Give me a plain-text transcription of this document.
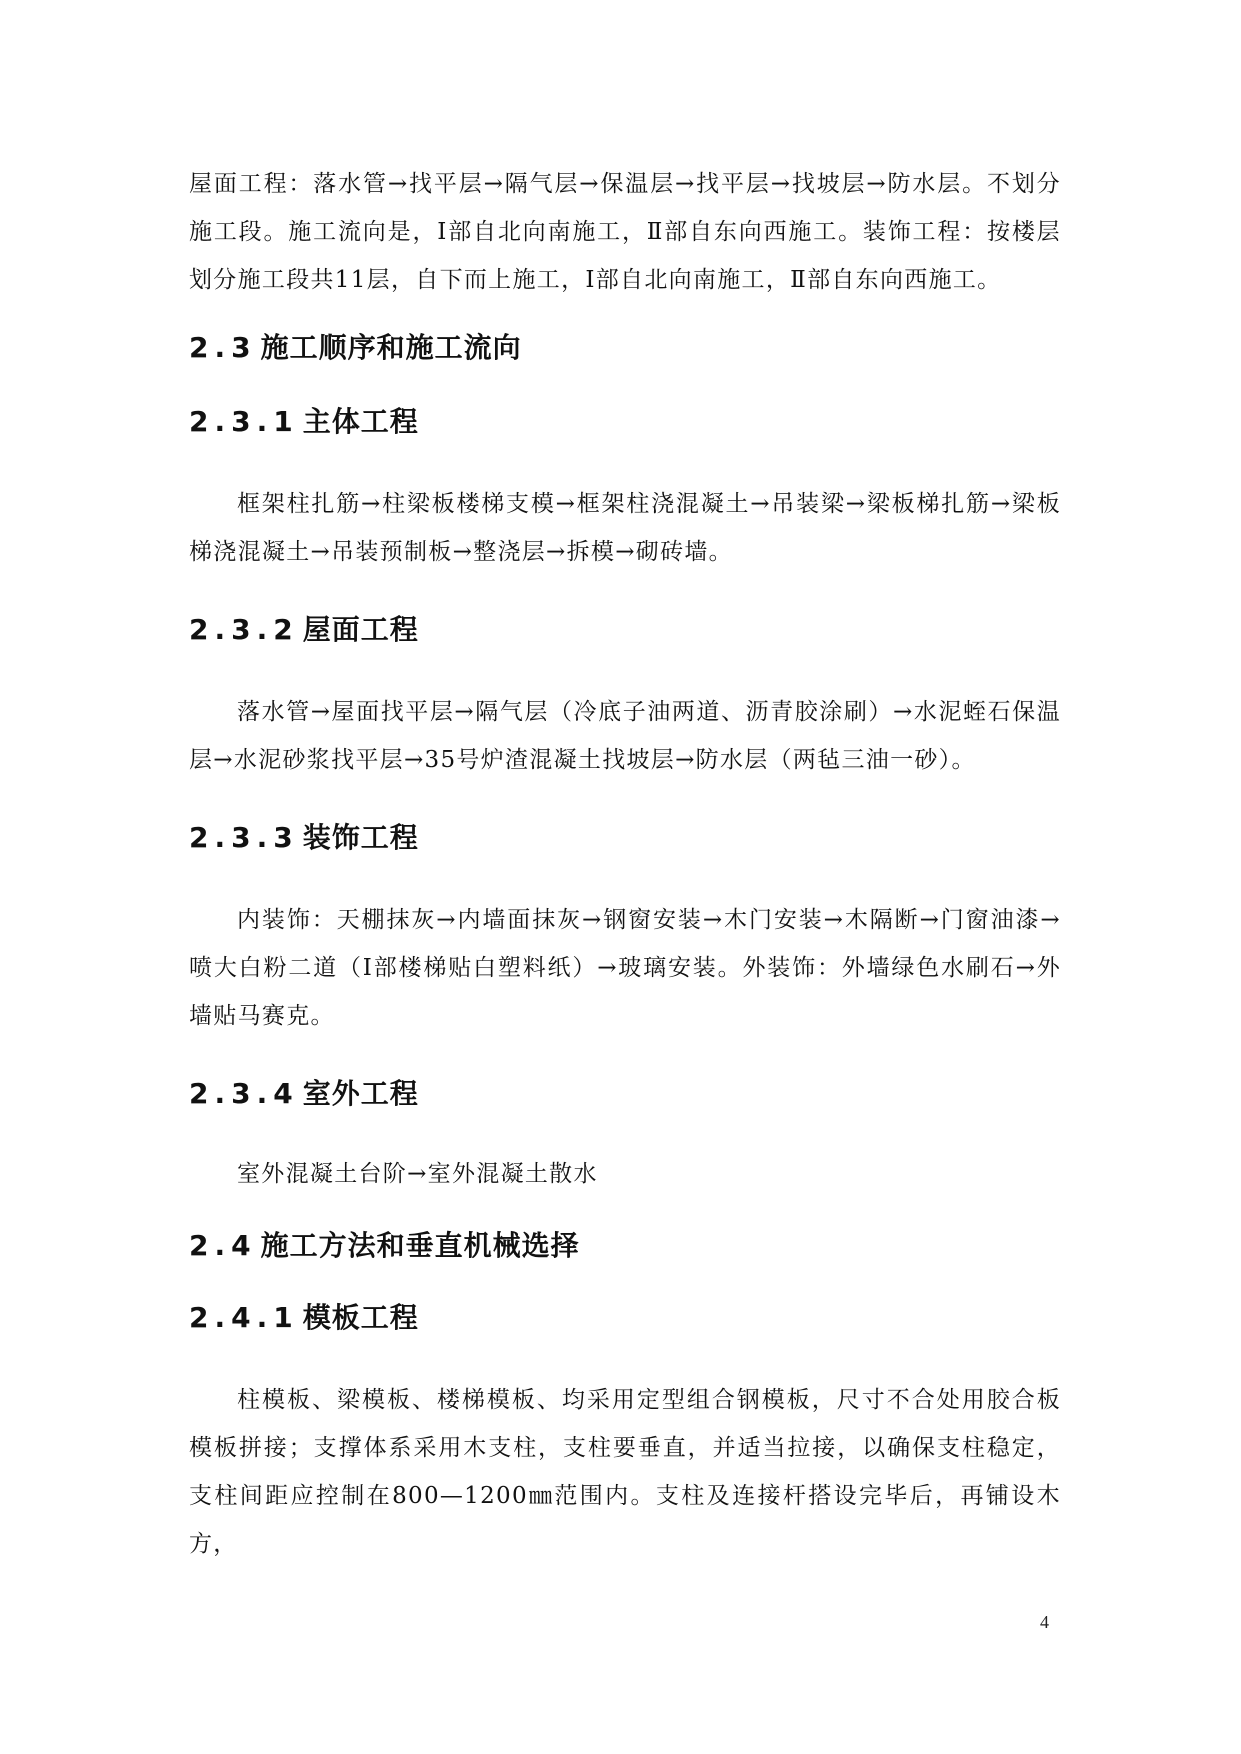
屋面工程：落水管→找平层→隔气层→保温层→找平层→找坡层→防水层。不划分施工段。施工流向是，Ⅰ部自北向南施工，Ⅱ部自东向西施工。装饰工程：按楼层划分施工段共11层，自下而上施工，Ⅰ部自北向南施工，Ⅱ部自东向西施工。

2.3 施工顺序和施工流向
2.3.1 主体工程

框架柱扎筋→柱梁板楼梯支模→框架柱浇混凝土→吊装梁→梁板梯扎筋→梁板梯浇混凝土→吊装预制板→整浇层→拆模→砌砖墙。

2.3.2 屋面工程

落水管→屋面找平层→隔气层（冷底子油两道、沥青胶涂刷）→水泥蛭石保温层→水泥砂浆找平层→35号炉渣混凝土找坡层→防水层（两毡三油一砂）。

2.3.3 装饰工程

内装饰：天棚抹灰→内墙面抹灰→钢窗安装→木门安装→木隔断→门窗油漆→喷大白粉二道（Ⅰ部楼梯贴白塑料纸）→玻璃安装。外装饰：外墙绿色水刷石→外墙贴马赛克。

2.3.4 室外工程

室外混凝土台阶→室外混凝土散水

2.4 施工方法和垂直机械选择
2.4.1 模板工程

柱模板、梁模板、楼梯模板、均采用定型组合钢模板，尺寸不合处用胶合板模板拼接；支撑体系采用木支柱，支柱要垂直，并适当拉接，以确保支柱稳定，支柱间距应控制在800—1200㎜范围内。支柱及连接杆搭设完毕后，再铺设木方，

4
